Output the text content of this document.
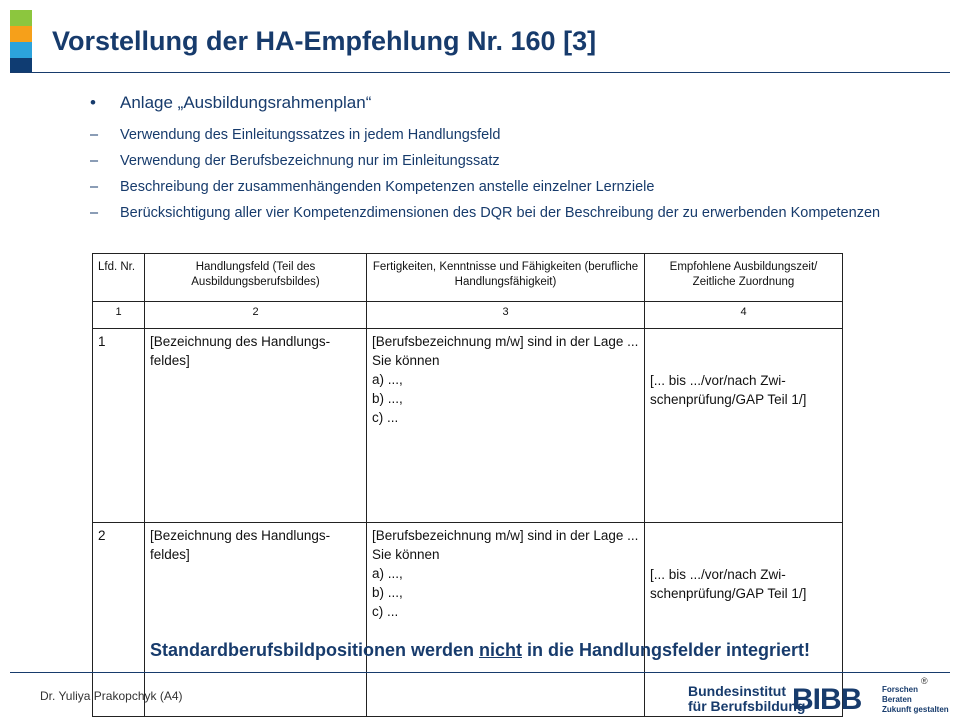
Vorstellung der HA-Empfehlung Nr. 160 [3]
• Anlage „Ausbildungsrahmenplan“
– Verwendung des Einleitungssatzes in jedem Handlungsfeld
– Verwendung der Berufsbezeichnung nur im Einleitungssatz
– Beschreibung der zusammenhängenden Kompetenzen anstelle einzelner Lernziele
– Berücksichtigung aller vier Kompetenzdimensionen des DQR bei der Beschreibung der zu erwerbenden Kompetenzen
Lfd. Nr.	Handlungsfeld (Teil des Ausbildungsberufsbildes)	Fertigkeiten, Kenntnisse und Fähigkeiten (berufliche Handlungsfähigkeit)	Empfohlene Ausbildungszeit/ Zeitliche Zuordnung
1	2	3	4
1	[Bezeichnung des Handlungs-feldes]	[Berufsbezeichnung m/w] sind in der Lage ...
Sie können
a) ...,
b) ...,
c) ...	[... bis .../vor/nach Zwi-schenprüfung/GAP Teil 1/]
2	[Bezeichnung des Handlungs-feldes]	[Berufsbezeichnung m/w] sind in der Lage ...
Sie können
a) ...,
b) ...,
c) ...	[... bis .../vor/nach Zwi-schenprüfung/GAP Teil 1/]
Standardberufsbildpositionen werden nicht in die Handlungsfelder integriert!
Dr. Yuliya Prakopchyk (A4)
®
Bundesinstitut
für Berufsbildung
BIBB	Forschen
Beraten
Zukunft gestalten
